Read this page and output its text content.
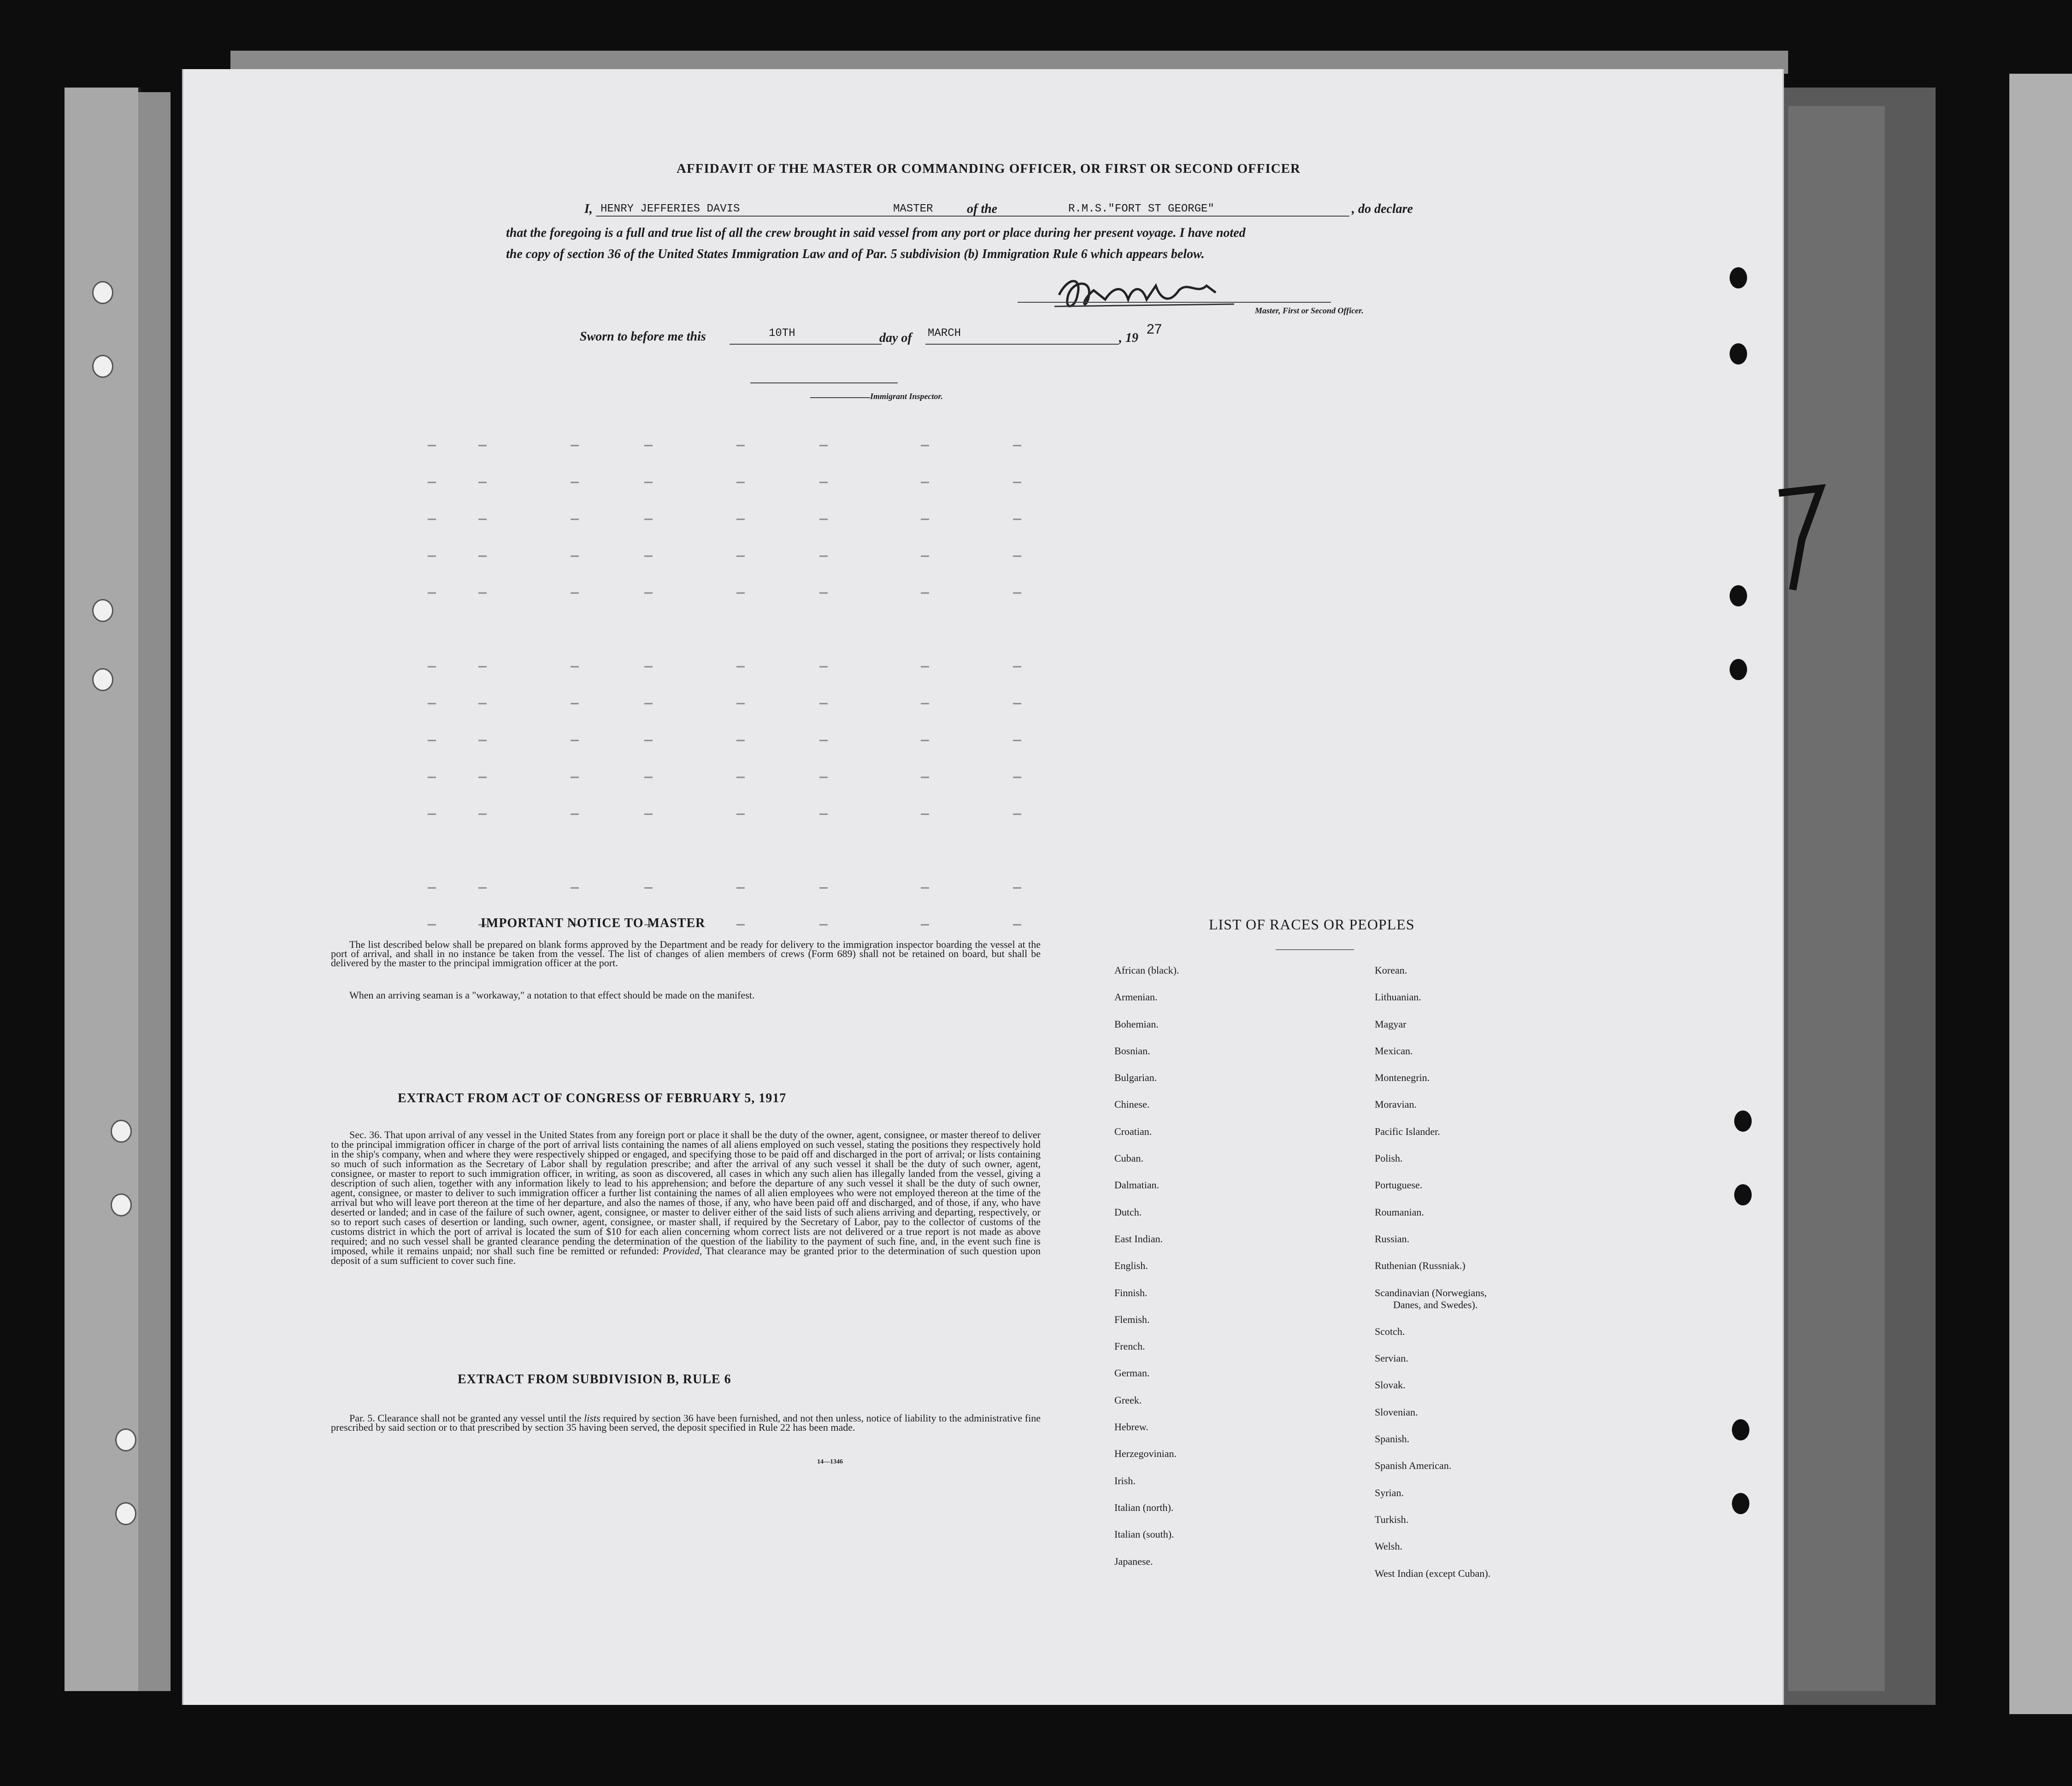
AFFIDAVIT OF THE MASTER OR COMMANDING OFFICER, OR FIRST OR SECOND OFFICER
I, HENRY JEFFERIES DAVIS	MASTER	of the	R.M.S."FORT ST GEORGE"	, do declare
that the foregoing is a full and true list of all the crew brought in said vessel from any port or place during her present voyage. I have noted
the copy of section 36 of the United States Immigration Law and of Par. 5 subdivision (b) Immigration Rule 6 which appears below.
Master, First or Second Officer.
Sworn to before me this	10TH	day of MARCH	, 19
27
Immigrant Inspector.
IMPORTANT NOTICE TO MASTER
The list described below shall be prepared on blank forms approved by the Department and be ready for delivery to the immigration inspector boarding the vessel at the port of arrival, and shall in no instance be taken from the vessel. The list of changes of alien members of crews (Form 689) shall not be retained on board, but shall be delivered by the master to the principal immigration officer at the port.
When an arriving seaman is a "workaway," a notation to that effect should be made on the manifest.
EXTRACT FROM ACT OF CONGRESS OF FEBRUARY 5, 1917
Sec. 36. That upon arrival of any vessel in the United States from any foreign port or place it shall be the duty of the owner, agent, consignee, or master thereof to deliver to the principal immigration officer in charge of the port of arrival lists containing the names of all aliens employed on such vessel, stating the positions they respectively hold in the ship's company, when and where they were respectively shipped or engaged, and specifying those to be paid off and discharged in the port of arrival; or lists containing so much of such information as the Secretary of Labor shall by regulation prescribe; and after the arrival of any such vessel it shall be the duty of such owner, agent, consignee, or master to report to such immigration officer, in writing, as soon as discovered, all cases in which any such alien has illegally landed from the vessel, giving a description of such alien, together with any information likely to lead to his apprehension; and before the departure of any such vessel it shall be the duty of such owner, agent, consignee, or master to deliver to such immigration officer a further list containing the names of all alien employees who were not employed thereon at the time of the arrival but who will leave port thereon at the time of her departure, and also the names of those, if any, who have been paid off and discharged, and of those, if any, who have deserted or landed; and in case of the failure of such owner, agent, consignee, or master to deliver either of the said lists of such aliens arriving and departing, respectively, or so to report such cases of desertion or landing, such owner, agent, consignee, or master shall, if required by the Secretary of Labor, pay to the collector of customs of the customs district in which the port of arrival is located the sum of $10 for each alien concerning whom correct lists are not delivered or a true report is not made as above required; and no such vessel shall be granted clearance pending the determination of the question of the liability to the payment of such fine, and, in the event such fine is imposed, while it remains unpaid; nor shall such fine be remitted or refunded: Provided, That clearance may be granted prior to the determination of such question upon deposit of a sum sufficient to cover such fine.
EXTRACT FROM SUBDIVISION B, RULE 6
Par. 5. Clearance shall not be granted any vessel until the lists required by section 36 have been furnished, and not then unless, notice of liability to the administrative fine prescribed by said section or to that prescribed by section 35 having been served, the deposit specified in Rule 22 has been made.
14—1346
LIST OF RACES OR PEOPLES
African (black).
Armenian.
Bohemian.
Bosnian.
Bulgarian.
Chinese.
Croatian.
Cuban.
Dalmatian.
Dutch.
East Indian.
English.
Finnish.
Flemish.
French.
German.
Greek.
Hebrew.
Herzegovinian.
Irish.
Italian (north).
Italian (south).
Japanese.
Korean.
Lithuanian.
Magyar
Mexican.
Montenegrin.
Moravian.
Pacific Islander.
Polish.
Portuguese.
Roumanian.
Russian.
Ruthenian (Russniak.)
Scandinavian (Norwegians,
Danes, and Swedes).
Scotch.
Servian.
Slovak.
Slovenian.
Spanish.
Spanish American.
Syrian.
Turkish.
Welsh.
West Indian (except Cuban).
